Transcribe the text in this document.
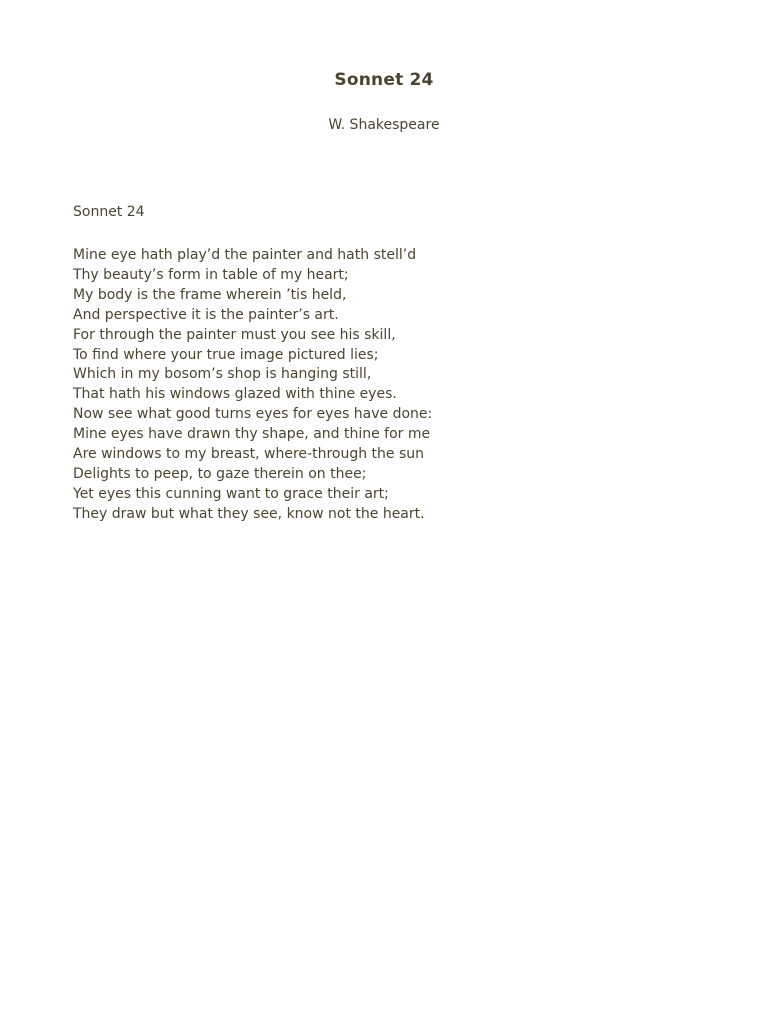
Sonnet 24
W. Shakespeare
Sonnet 24
Mine eye hath play’d the painter and hath stell’d
Thy beauty’s form in table of my heart;
My body is the frame wherein ’tis held,
And perspective it is the painter’s art.
For through the painter must you see his skill,
To find where your true image pictured lies;
Which in my bosom’s shop is hanging still,
That hath his windows glazed with thine eyes.
Now see what good turns eyes for eyes have done:
Mine eyes have drawn thy shape, and thine for me
Are windows to my breast, where-through the sun
Delights to peep, to gaze therein on thee;
Yet eyes this cunning want to grace their art;
They draw but what they see, know not the heart.
